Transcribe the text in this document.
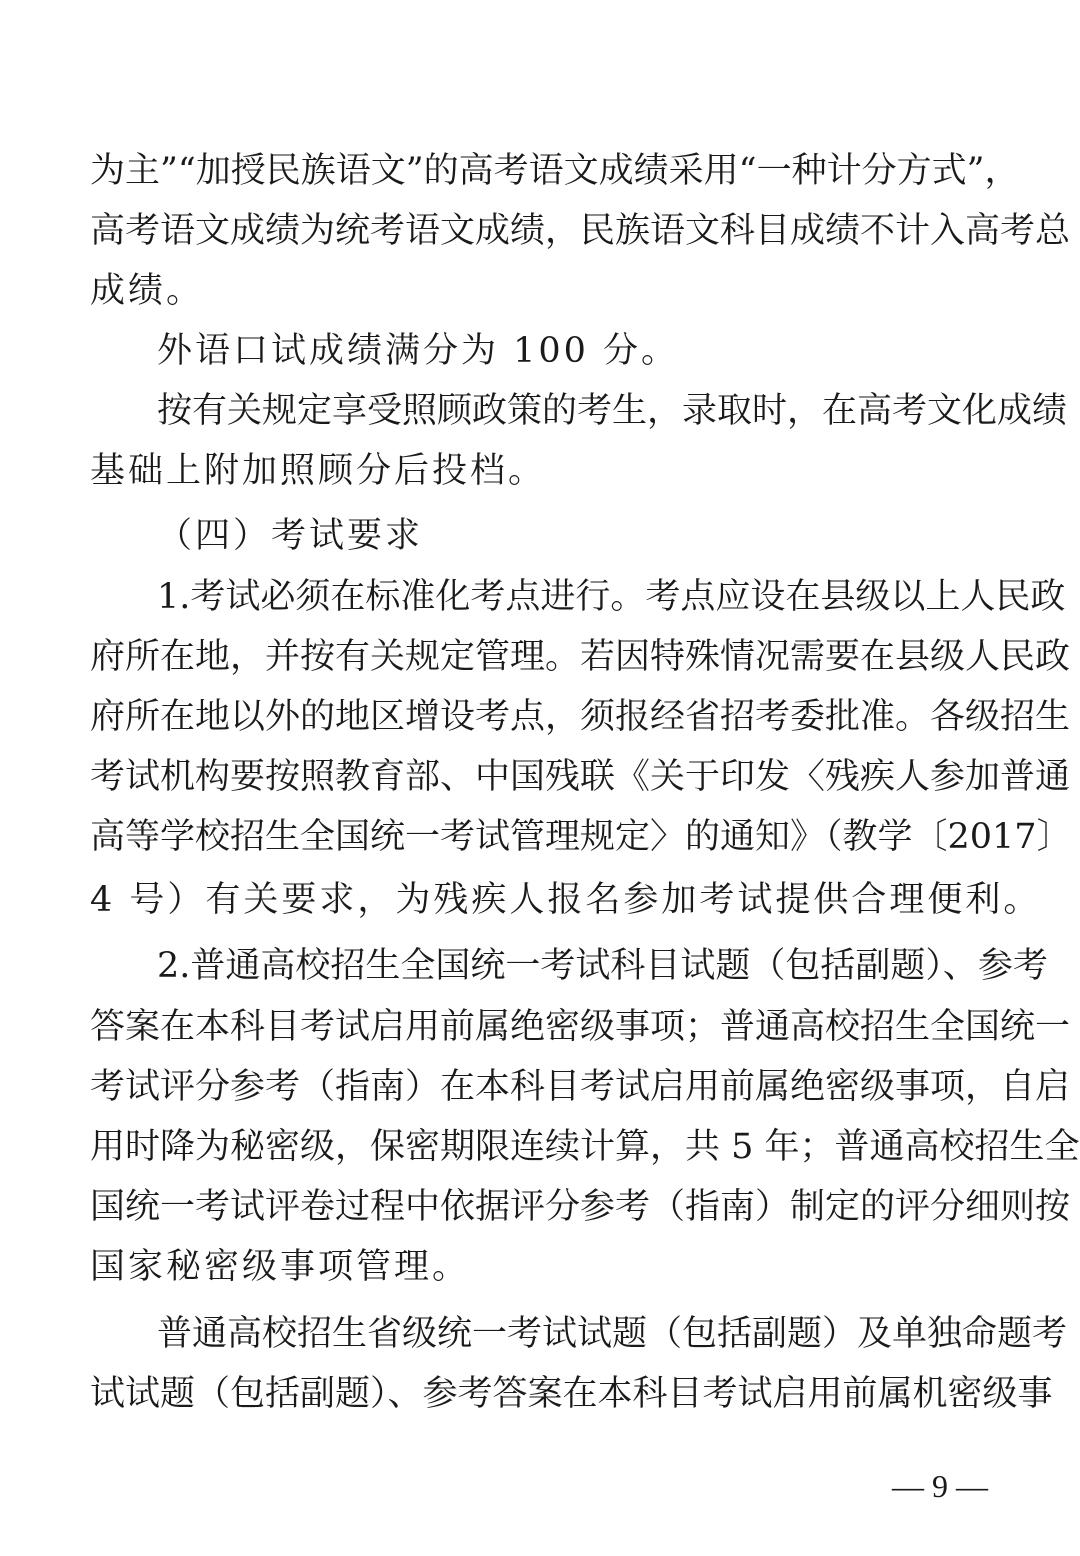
为主”“加授民族语文”的高考语文成绩采用“一种计分方式”，
高考语文成绩为统考语文成绩，民族语文科目成绩不计入高考总
成绩。
外语口试成绩满分为 100 分。
按有关规定享受照顾政策的考生，录取时，在高考文化成绩
基础上附加照顾分后投档。
（四）考试要求
1.考试必须在标准化考点进行。考点应设在县级以上人民政
府所在地，并按有关规定管理。若因特殊情况需要在县级人民政
府所在地以外的地区增设考点，须报经省招考委批准。各级招生
考试机构要按照教育部、中国残联《关于印发〈残疾人参加普通
高等学校招生全国统一考试管理规定〉的通知》（教学〔2017〕
4 号）有关要求，为残疾人报名参加考试提供合理便利。
2.普通高校招生全国统一考试科目试题（包括副题）、参考
答案在本科目考试启用前属绝密级事项；普通高校招生全国统一
考试评分参考（指南）在本科目考试启用前属绝密级事项，自启
用时降为秘密级，保密期限连续计算，共 5 年；普通高校招生全
国统一考试评卷过程中依据评分参考（指南）制定的评分细则按
国家秘密级事项管理。
普通高校招生省级统一考试试题（包括副题）及单独命题考
试试题（包括副题）、参考答案在本科目考试启用前属机密级事
— 9 —
